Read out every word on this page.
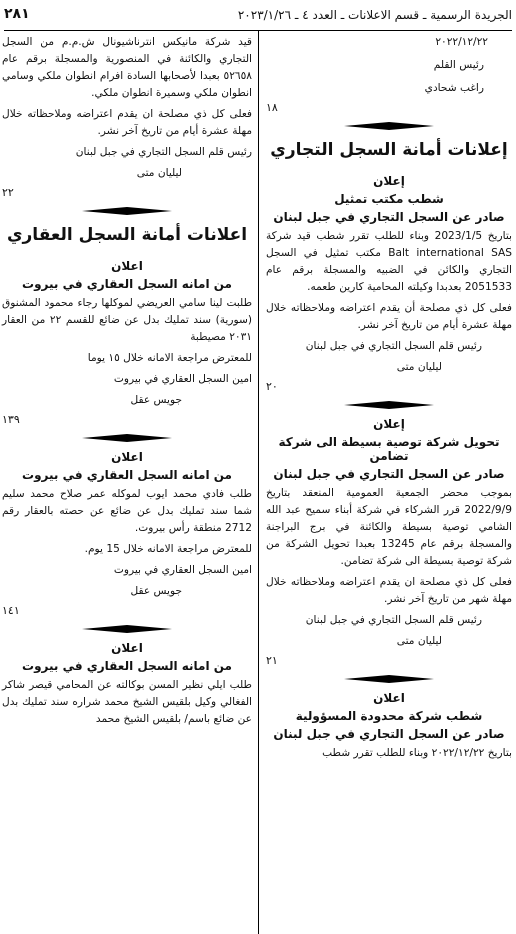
الجريدة الرسمية ـ قسم الاعلانات ـ العدد ٤ ـ ٢٠٢٣/١/٢٦
٢٨١
٢٠٢٢/١٢/٢٢
رئيس القلم
راغب شحادي
١٨
إعلانات أمانة السجل التجاري
إعلان
شطب مكتب تمثيل
صادر عن السجل التجاري في جبل لبنان

بتاريخ 2023/1/5 وبناء للطلب تقرر شطب قيد شركة Balt international SAS مكتب تمثيل في السجل التجاري والكائن في الضبيه والمسجلة برقم عام 2051533 بعدبدا وكيلته المحامية كارين طعمه.

فعلى كل ذي مصلحة أن يقدم اعتراضه وملاحظاته خلال مهلة عشرة أيام من تاريخ آخر نشر.

رئيس قلم السجل التجاري في جبل لبنان
ليليان متى
٢٠
إعلان
تحويل شركة توصية بسيطة الى شركة تضامن
صادر عن السجل التجاري في جبل لبنان

بموجب محضر الجمعية العمومية المنعقد بتاريخ 2022/9/9 قرر الشركاء في شركة أبناء سميح عبد الله الشامي توصية بسيطة والكائنة في برج البراجنة والمسجلة برقم عام 13245 بعبدا تحويل الشركة من شركة توصية بسيطة الى شركة تضامن.

فعلى كل ذي مصلحة ان يقدم اعتراضه وملاحظاته خلال مهلة شهر من تاريخ آخر نشر.

رئيس قلم السجل التجاري في جبل لبنان
ليليان متى
٢١
اعلان
شطب شركة محدودة المسؤولية
صادر عن السجل التجاري في جبل لبنان

بتاريخ ٢٠٢٢/١٢/٢٢ وبناء للطلب تقرر شطب

قيد شركة مانيكس انترناشيونال ش.م.م من السجل التجاري والكائنة في المنصورية والمسجلة برقم عام ٥٢٦٥٨ بعبدا لأصحابها السادة افرام انطوان ملكي وسامي انطوان ملكي وسميرة انطوان ملكي.

فعلى كل ذي مصلحة ان يقدم اعتراضه وملاحظاته خلال مهلة عشرة أيام من تاريخ آخر نشر.

رئيس قلم السجل التجاري في جبل لبنان
ليليان متى
٢٢
اعلانات أمانة السجل العقاري
اعلان
من امانه السجل العقاري في بيروت

طلبت لينا سامي العريضي لموكلها رجاء محمود المشنوق (سورية) سند تمليك بدل عن ضائع للقسم ٢٢ من العقار ٢٠٣١ مصيطبة

للمعترض مراجعة الامانه خلال ١٥ يوما

امين السجل العقاري في بيروت
جويس عقل
١٣٩
اعلان
من امانه السجل العقاري في بيروت

طلب فادي محمد ايوب لموكله عمر صلاح محمد سليم شما سند تمليك بدل عن ضائع عن حصته بالعقار رقم 2712 منطقة رأس بيروت.

للمعترض مراجعة الامانه خلال 15 يوم.

امين السجل العقاري في بيروت
جويس عقل
١٤١
اعلان
من امانه السجل العقاري في بيروت

طلب ايلي نظير المسن بوكالته عن المحامي قيصر شاكر الفغالي وكيل بلقيس الشيخ محمد شراره سند تمليك بدل عن ضائع باسم/ بلقيس الشيخ محمد
